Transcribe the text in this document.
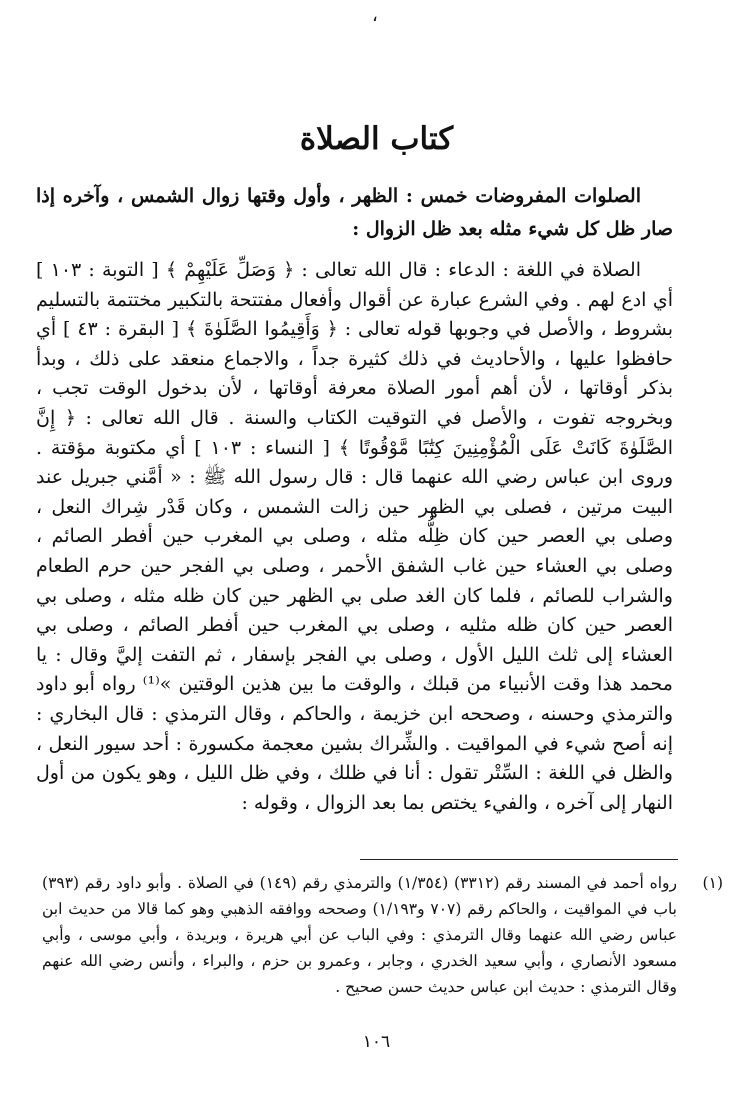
،
كتاب الصلاة

الصلوات المفروضات خمس : الظهر ، وأول وقتها زوال الشمس ، وآخره إذا صار ظل كل شيء مثله بعد ظل الزوال :

الصلاة في اللغة : الدعاء : قال الله تعالى : ﴿ وَصَلِّ عَلَيْهِمْ ﴾ [ التوبة : ١٠٣ ] أي ادع لهم . وفي الشرع عبارة عن أقوال وأفعال مفتتحة بالتكبير مختتمة بالتسليم بشروط ، والأصل في وجوبها قوله تعالى : ﴿ وَأَقِيمُوا الصَّلَوٰةَ ﴾ [ البقرة : ٤٣ ] أي حافظوا عليها ، والأحاديث في ذلك كثيرة جداً ، والاجماع منعقد على ذلك ، وبدأ بذكر أوقاتها ، لأن أهم أمور الصلاة معرفة أوقاتها ، لأن بدخول الوقت تجب ، وبخروجه تفوت ، والأصل في التوقيت الكتاب والسنة . قال الله تعالى : ﴿ إِنَّ الصَّلَوٰةَ كَانَتْ عَلَى الْمُؤْمِنِينَ كِتَٰبًا مَّوْقُوتًا ﴾ [ النساء : ١٠٣ ] أي مكتوبة مؤقتة . وروى ابن عباس رضي الله عنهما قال : قال رسول الله ﷺ : « أمَّني جبريل عند البيت مرتين ، فصلى بي الظهر حين زالت الشمس ، وكان قَدْر شِراك النعل ، وصلى بي العصر حين كان ظِلُّه مثله ، وصلى بي المغرب حين أفطر الصائم ، وصلى بي العشاء حين غاب الشفق الأحمر ، وصلى بي الفجر حين حرم الطعام والشراب للصائم ، فلما كان الغد صلى بي الظهر حين كان ظله مثله ، وصلى بي العصر حين كان ظله مثليه ، وصلى بي المغرب حين أفطر الصائم ، وصلى بي العشاء إلى ثلث الليل الأول ، وصلى بي الفجر بإسفار ، ثم التفت إليَّ وقال : يا محمد هذا وقت الأنبياء من قبلك ، والوقت ما بين هذين الوقتين »⁽¹⁾ رواه أبو داود والترمذي وحسنه ، وصححه ابن خزيمة ، والحاكم ، وقال الترمذي : قال البخاري : إنه أصح شيء في المواقيت . والشِّراك بشين معجمة مكسورة : أحد سيور النعل ، والظل في اللغة : السِّتْر تقول : أنا في ظلك ، وفي ظل الليل ، وهو يكون من أول النهار إلى آخره ، والفيء يختص بما بعد الزوال ، وقوله :

(١)
رواه أحمد في المسند رقم (٣٣١٢) (١/٣٥٤) والترمذي رقم (١٤٩) في الصلاة . وأبو داود رقم (٣٩٣) باب في المواقيت ، والحاكم رقم (٧٠٧ و١/١٩٣) وصححه ووافقه الذهبي وهو كما قالا من حديث ابن عباس رضي الله عنهما وقال الترمذي : وفي الباب عن أبي هريرة ، وبريدة ، وأبي موسى ، وأبي مسعود الأنصاري ، وأبي سعيد الخدري ، وجابر ، وعمرو بن حزم ، والبراء ، وأنس رضي الله عنهم وقال الترمذي : حديث ابن عباس حديث حسن صحيح .
١٠٦
